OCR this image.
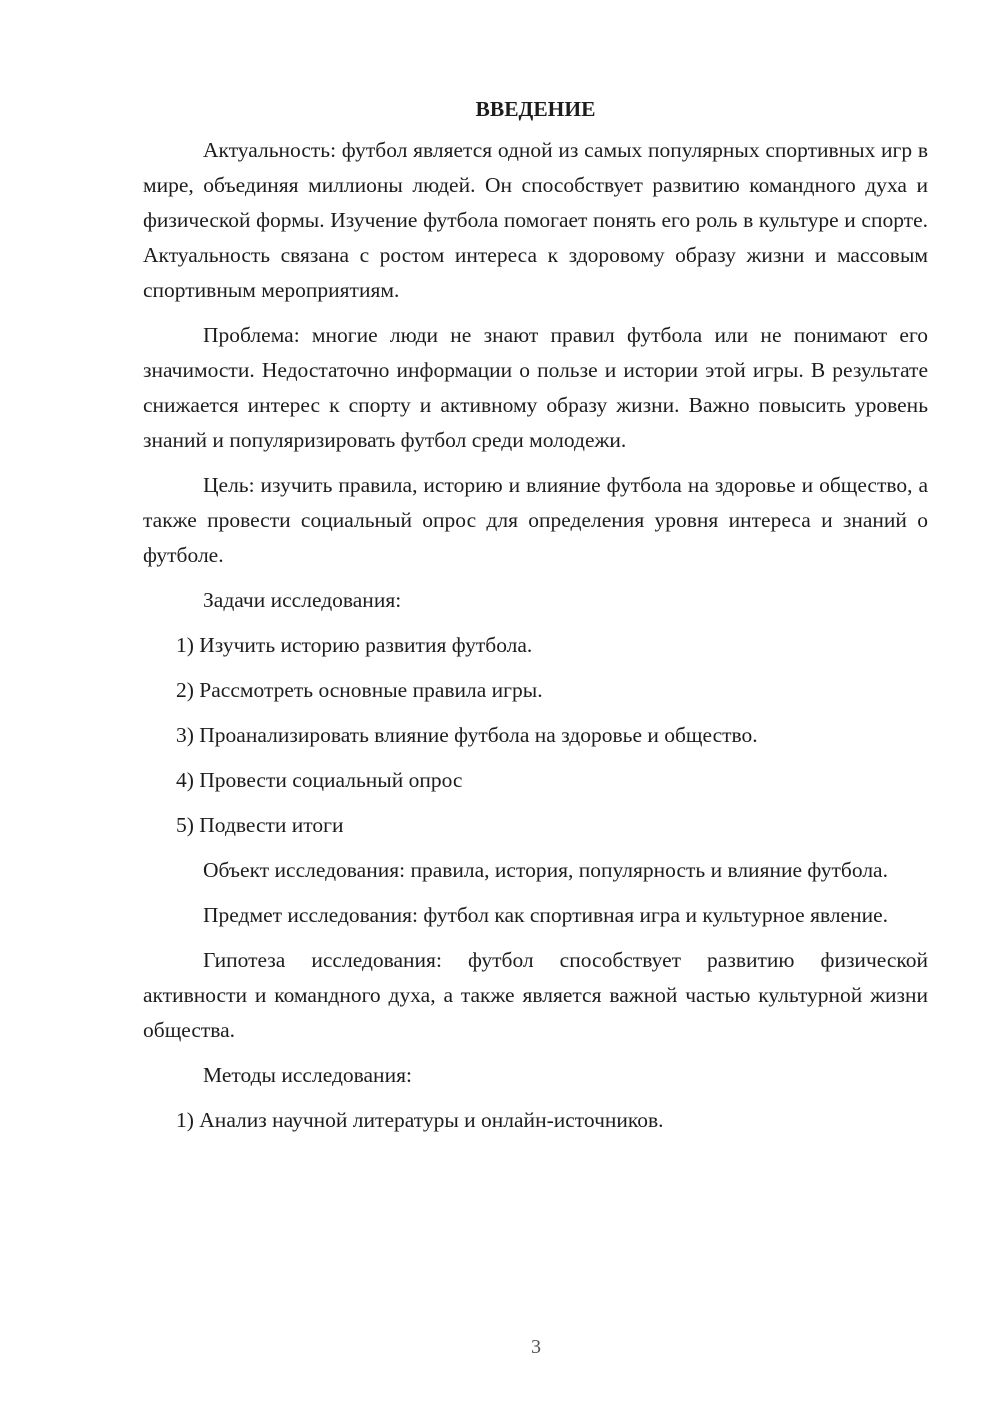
ВВЕДЕНИЕ

Актуальность: футбол является одной из самых популярных спортивных игр в мире, объединяя миллионы людей. Он способствует развитию командного духа и физической формы. Изучение футбола помогает понять его роль в культуре и спорте. Актуальность связана с ростом интереса к здоровому образу жизни и массовым спортивным мероприятиям.

Проблема: многие люди не знают правил футбола или не понимают его значимости. Недостаточно информации о пользе и истории этой игры. В результате снижается интерес к спорту и активному образу жизни. Важно повысить уровень знаний и популяризировать футбол среди молодежи.

Цель: изучить правила, историю и влияние футбола на здоровье и общество, а также провести социальный опрос для определения уровня интереса и знаний о футболе.

Задачи исследования:

1) Изучить историю развития футбола.
2) Рассмотреть основные правила игры.
3) Проанализировать влияние футбола на здоровье и общество.
4) Провести социальный опрос
5) Подвести итоги

Объект исследования: правила, история, популярность и влияние футбола.

Предмет исследования: футбол как спортивная игра и культурное явление.

Гипотеза исследования: футбол способствует развитию физической активности и командного духа, а также является важной частью культурной жизни общества.

Методы исследования:

1) Анализ научной литературы и онлайн-источников.
3
